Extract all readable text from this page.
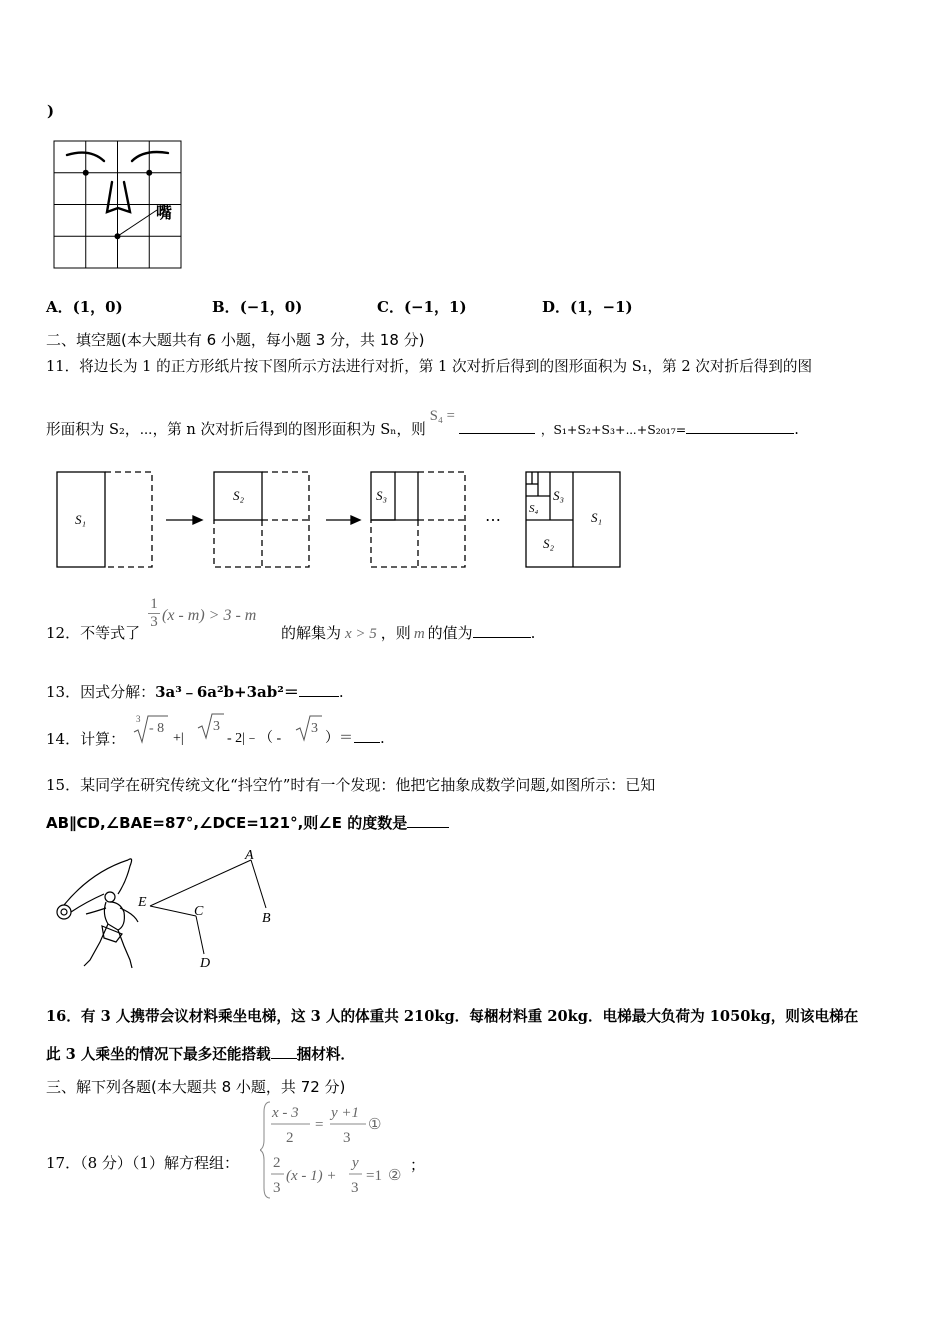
)
嘴
A．(1，0)	B．(−1，0)	C．(−1，1)	D．(1，−1)
二、填空题(本大题共有 6 小题，每小题 3 分，共 18 分)
11．将边长为 1 的正方形纸片按下图所示方法进行对折，第 1 次对折后得到的图形面积为 S₁，第 2 次对折后得到的图
形面积为 S₂，⋯，第 n 次对折后得到的图形面积为 Sₙ，则S₄ =，S₁+S₂+S₃+⋯+S₂₀₁₇=	.
S₁
S₂	S₃
S₁
S₂
S₃
S₄
⋯
12．不等式了
1
3 (x - m) > 3 - m
的解集为 x > 5 ，则 m 的值为	.
13．因式分解：3a³﹣6a²b+3ab²＝	.
14．计算：
3
- 8
+|
3
- 2|﹣（ -
3
）＝	.
15．某同学在研究传统文化“抖空竹”时有一个发现：他把它抽象成数学问题,如图所示：已知
AB∥CD,∠BAE=87°,∠DCE=121°,则∠E 的度数是
A
B
C
D
E
16．有 3 人携带会议材料乘坐电梯，这 3 人的体重共 210kg．每梱材料重 20kg．电梯最大负荷为 1050kg，则该电梯在
此 3 人乘坐的情况下最多还能搭载 捆材料．
三、解下列各题(本大题共 8 小题，共 72 分)
17．（8 分）（1）解方程组：
x - 3
2
=
y +1
3
①
2
3
(x - 1) +
y
3
=1 ②
；
